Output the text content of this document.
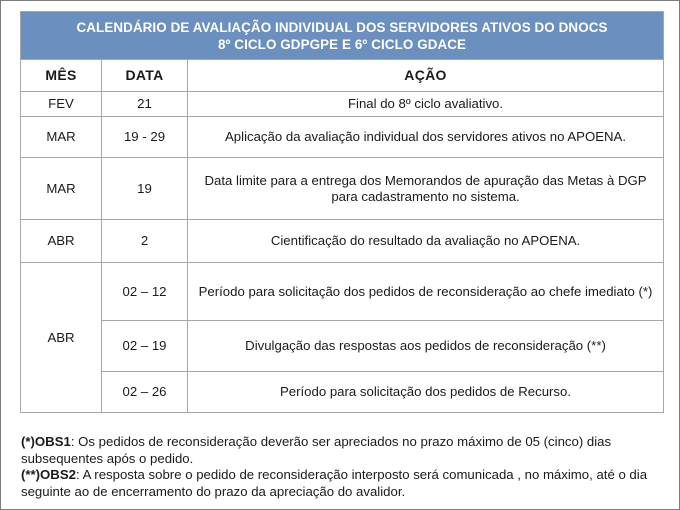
CALENDÁRIO DE AVALIAÇÃO INDIVIDUAL DOS SERVIDORES ATIVOS DO DNOCS
8º CICLO GDPGPE E 6º CICLO GDACE		

MÊS	DATA	AÇÃO
FEV	21	Final do 8º ciclo avaliativo.
MAR	19 - 29	Aplicação da avaliação individual dos servidores ativos no APOENA.
MAR	19	Data limite para a entrega dos Memorandos de apuração das Metas à DGP para cadastramento no sistema.
ABR	2	Cientificação do resultado da avaliação no APOENA.
ABR	02 – 12	Período para solicitação dos pedidos de reconsideração ao chefe imediato (*)
	02 – 19	Divulgação das respostas aos pedidos de reconsideração (**)
	02 – 26	Período para solicitação dos pedidos de Recurso.

(*)OBS1: Os pedidos de reconsideração deverão ser apreciados no prazo máximo de 05 (cinco) dias subsequentes após o pedido.

(**)OBS2: A resposta sobre o pedido de reconsideração interposto será comunicada , no máximo, até o dia seguinte ao de encerramento do prazo da apreciação do avalidor.
